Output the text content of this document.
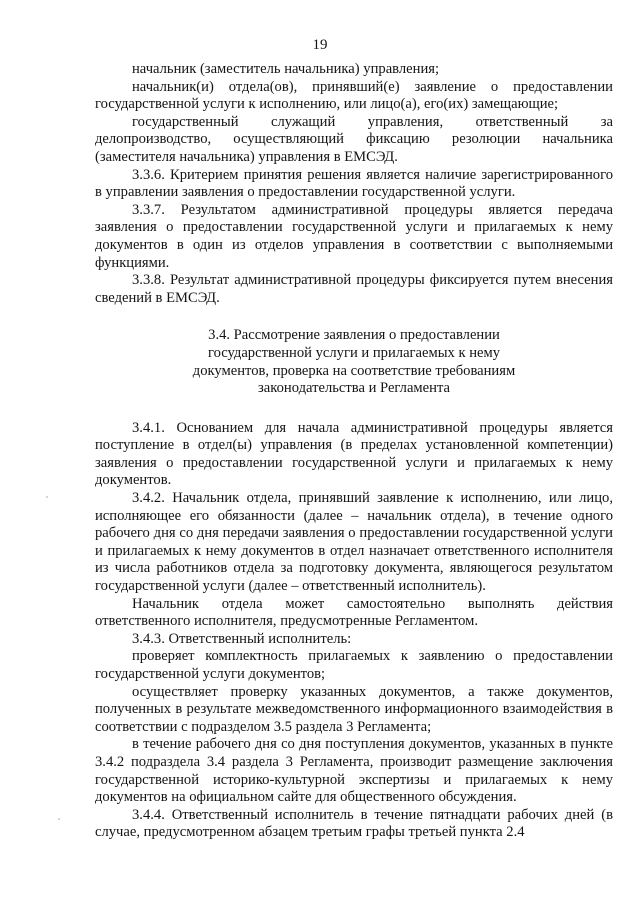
19

начальник (заместитель начальника) управления;

начальник(и) отдела(ов), принявший(е) заявление о предоставлении государственной услуги к исполнению, или лицо(а), его(их) замещающие;

государственный служащий управления, ответственный за делопроизводство, осуществляющий фиксацию резолюции начальника (заместителя начальника) управления в ЕМСЭД.

3.3.6. Критерием принятия решения является наличие зарегистрированного в управлении заявления о предоставлении государственной услуги.

3.3.7. Результатом административной процедуры является передача заявления о предоставлении государственной услуги и прилагаемых к нему документов в один из отделов управления в соответствии с выполняемыми функциями.

3.3.8. Результат административной процедуры фиксируется путем внесения сведений в ЕМСЭД.

3.4. Рассмотрение заявления о предоставлении
государственной услуги и прилагаемых к нему
документов, проверка на соответствие требованиям
законодательства и Регламента

3.4.1. Основанием для начала административной процедуры является поступление в отдел(ы) управления (в пределах установленной компетенции) заявления о предоставлении государственной услуги и прилагаемых к нему документов.

3.4.2. Начальник отдела, принявший заявление к исполнению, или лицо, исполняющее его обязанности (далее – начальник отдела), в течение одного рабочего дня со дня передачи заявления о предоставлении государственной услуги и прилагаемых к нему документов в отдел назначает ответственного исполнителя из числа работников отдела за подготовку документа, являющегося результатом государственной услуги (далее – ответственный исполнитель).

Начальник отдела может самостоятельно выполнять действия ответственного исполнителя, предусмотренные Регламентом.

3.4.3. Ответственный исполнитель:

проверяет комплектность прилагаемых к заявлению о предоставлении государственной услуги документов;

осуществляет проверку указанных документов, а также документов, полученных в результате межведомственного информационного взаимодействия в соответствии с подразделом 3.5 раздела 3 Регламента;

в течение рабочего дня со дня поступления документов, указанных в пункте 3.4.2 подраздела 3.4 раздела 3 Регламента, производит размещение заключения государственной историко-культурной экспертизы и прилагаемых к нему документов на официальном сайте для общественного обсуждения.

3.4.4. Ответственный исполнитель в течение пятнадцати рабочих дней (в случае, предусмотренном абзацем третьим графы третьей пункта 2.4
